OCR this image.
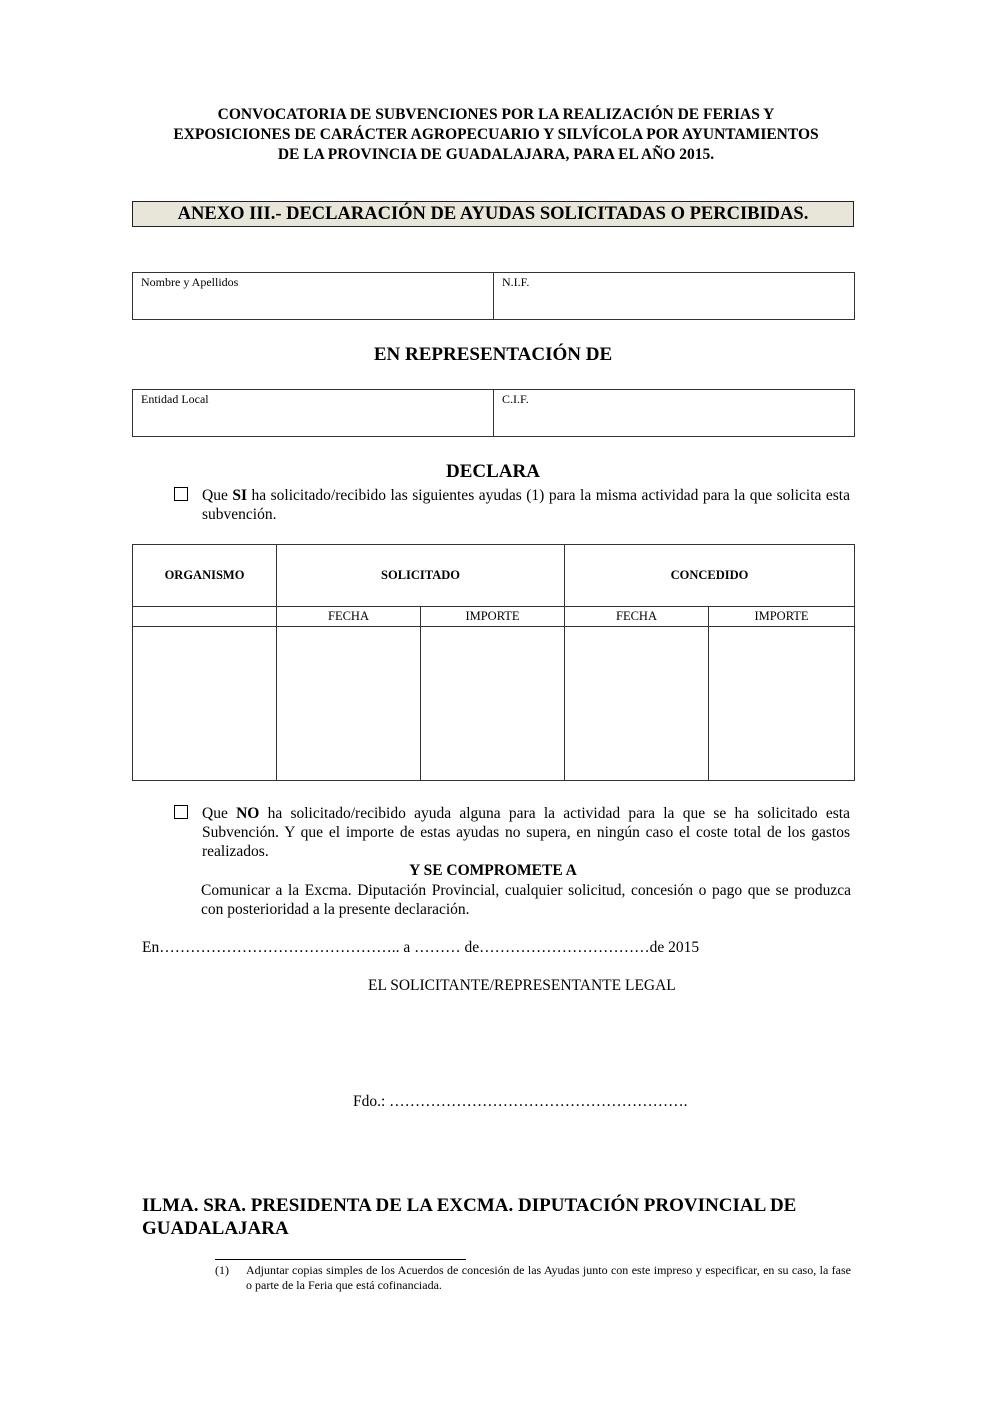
CONVOCATORIA DE SUBVENCIONES POR LA REALIZACIÓN DE FERIAS Y
EXPOSICIONES DE CARÁCTER AGROPECUARIO Y SILVÍCOLA POR AYUNTAMIENTOS
DE LA PROVINCIA DE GUADALAJARA, PARA EL AÑO 2015.
ANEXO III.- DECLARACIÓN DE AYUDAS SOLICITADAS O PERCIBIDAS.
Nombre y Apellidos	N.I.F.
EN REPRESENTACIÓN DE
Entidad Local	C.I.F.
DECLARA
Que SI ha solicitado/recibido las siguientes ayudas (1) para la misma actividad para la que solicita esta subvención.
ORGANISMO	SOLICITADO		CONCEDIDO	
	FECHA	IMPORTE	FECHA	IMPORTE

Que NO ha solicitado/recibido ayuda alguna para la actividad para la que se ha solicitado esta Subvención. Y que el importe de estas ayudas no supera, en ningún caso el coste total de los gastos realizados.
Y SE COMPROMETE A
Comunicar a la Excma. Diputación Provincial, cualquier solicitud, concesión o pago que se produzca con posterioridad a la presente declaración.
En……………………………………….. a ……… de……………………………de 2015
EL SOLICITANTE/REPRESENTANTE LEGAL
Fdo.: ………………………………………………….
ILMA. SRA. PRESIDENTA DE LA EXCMA. DIPUTACIÓN PROVINCIAL DE GUADALAJARA
(1)	Adjuntar copias simples de los Acuerdos de concesión de las Ayudas junto con este impreso y especificar, en su caso, la fase o parte de la Feria que está cofinanciada.
